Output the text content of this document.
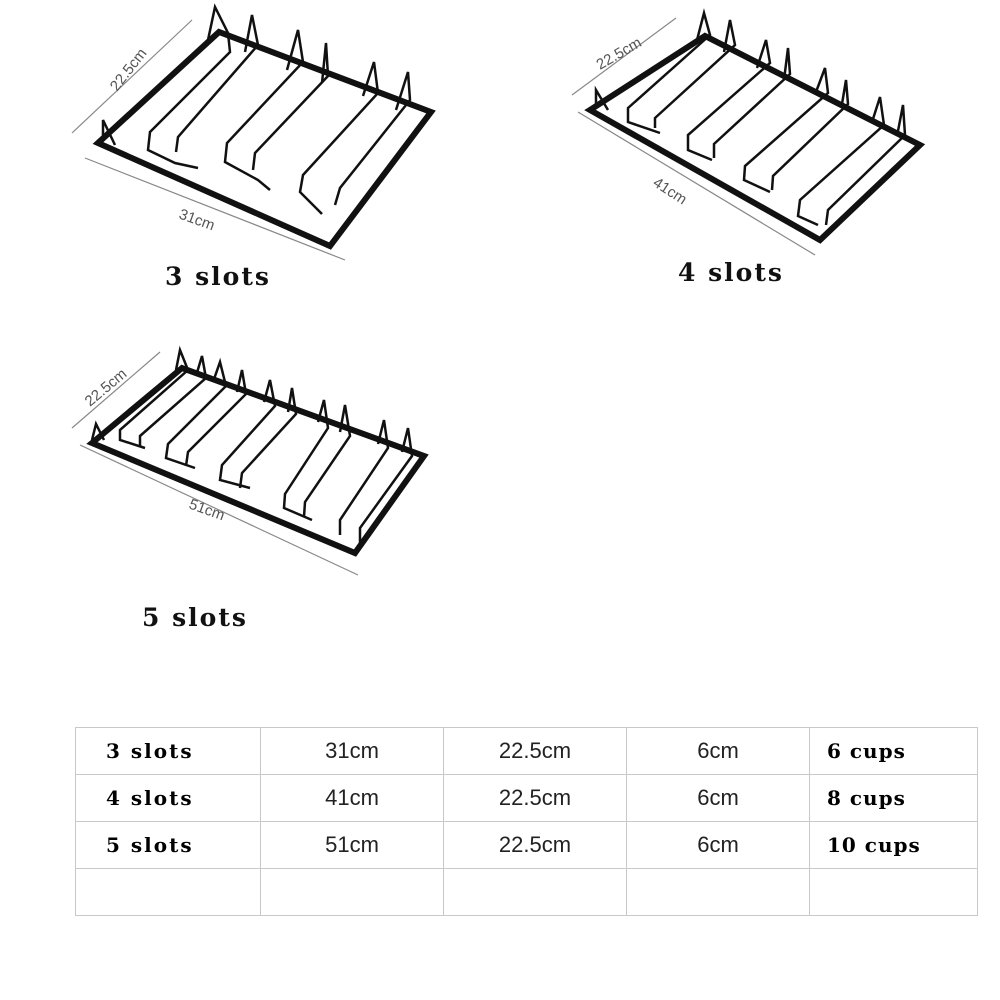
22.5cm
31cm
3 slots
22.5cm
41cm
4 slots
22.5cm
51cm
5 slots
3 slots	31cm	22.5cm	6cm	6 cups
4 slots	41cm	22.5cm	6cm	8 cups
5 slots	51cm	22.5cm	6cm	10 cups
